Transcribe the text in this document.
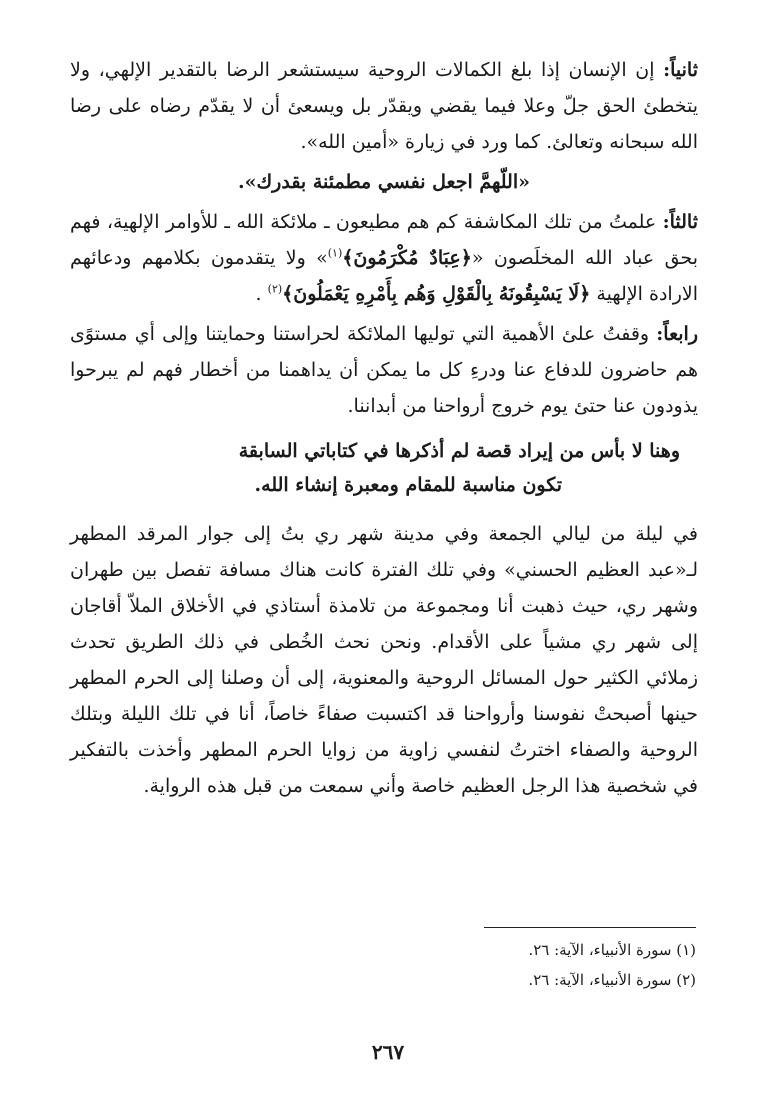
ثانياً: إن الإنسان إذا بلغ الكمالات الروحية سيستشعر الرضا بالتقدير الإلهي، ولا يتخطئ الحق جلّ وعلا فيما يقضي ويقدّر بل ويسعئ أن لا يقدّم رضاه على رضا الله سبحانه وتعالئ. كما ورد في زيارة «أمين الله».

«اللّهمَّ اجعل نفسي مطمئنة بقدرك».

ثالثاً: علمتُ من تلك المكاشفة كم هم مطيعون ـ ملائكة الله ـ للأوامر الإلهية، فهم بحق عباد الله المخلَصون «﴿عِبَادٌ مُكْرَمُونَ﴾$^{(١)}$» ولا يتقدمون بكلامهم ودعائهم الارادة الإلهية ﴿لَا يَسْبِقُونَهُ بِالْقَوْلِ وَهُم بِأَمْرِهِ يَعْمَلُونَ﴾$^{(٢)}$ .

رابعاً: وقفتُ علئ الأهمية التي توليها الملائكة لحراستنا وحمايتنا وإلى أي مستوًى هم حاضرون للدفاع عنا ودرءِ كل ما يمكن أن يداهمنا من أخطار فهم لم يبرحوا يذودون عنا حتئ يوم خروج أرواحنا من أبداننا.

وهنا لا بأس من إيراد قصة لم أذكرها في كتاباتي السابقة
تكون مناسبة للمقام ومعبرة إنشاء الله.

في ليلة من ليالي الجمعة وفي مدينة شهر ري بتُ إلى جوار المرقد المطهر لـ«عبد العظيم الحسني» وفي تلك الفترة كانت هناك مسافة تفصل بين طهران وشهر ري، حيث ذهبت أنا ومجموعة من تلامذة أستاذي في الأخلاق الملاّ أقاجان إلى شهر ري مشياً على الأقدام. ونحن نحث الخُطى في ذلك الطريق تحدث زملائي الكثير حول المسائل الروحية والمعنوية، إلى أن وصلنا إلى الحرم المطهر حينها أصبحتْ نفوسنا وأرواحنا قد اكتسبت صفاءً خاصاً، أنا في تلك الليلة وبتلك الروحية والصفاء اخترتُ لنفسي زاوية من زوايا الحرم المطهر وأخذت بالتفكير في شخصية هذا الرجل العظيم خاصة وأني سمعت من قبل هذه الرواية.

(١) سورة الأنبياء، الآية: ٢٦.
(٢) سورة الأنبياء، الآية: ٢٦.
٢٦٧
